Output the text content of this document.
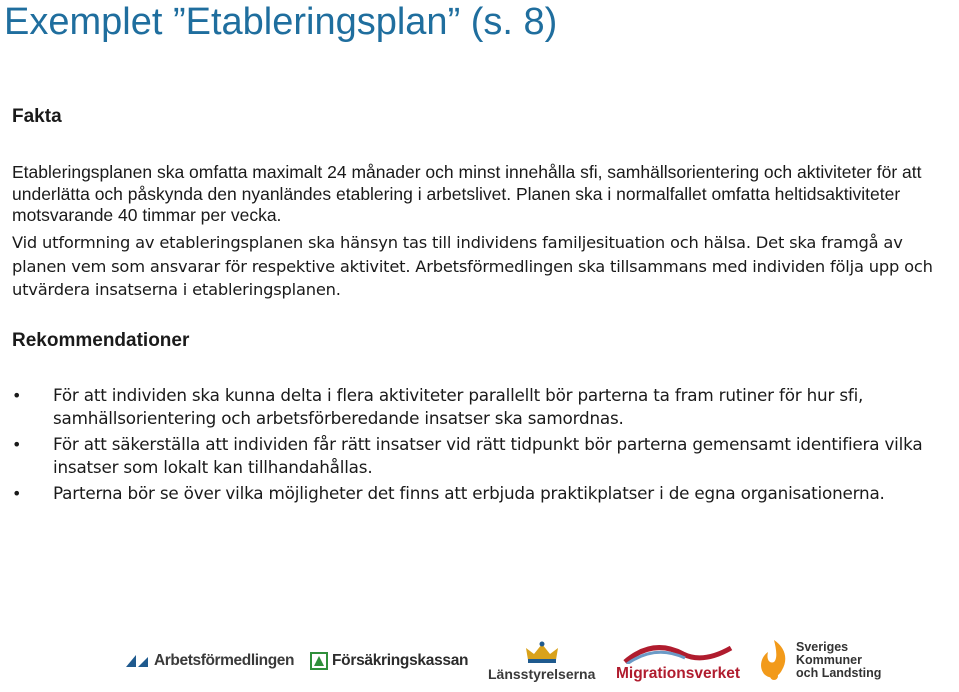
Exemplet ”Etableringsplan” (s. 8)
Fakta

Etableringsplanen ska omfatta maximalt 24 månader och minst innehålla sfi, samhällsorientering och aktiviteter för att underlätta och påskynda den nyanländes etablering i arbetslivet. Planen ska i normalfallet omfatta heltidsaktiviteter motsvarande 40 timmar per vecka.

Vid utformning av etableringsplanen ska hänsyn tas till individens familjesituation och hälsa. Det ska framgå av planen vem som ansvarar för respektive aktivitet. Arbetsförmedlingen ska tillsammans med individen följa upp och utvärdera insatserna i etableringsplanen.

Rekommendationer
• För att individen ska kunna delta i flera aktiviteter parallellt bör parterna ta fram rutiner för hur sfi, samhällsorientering och arbetsförberedande insatser ska samordnas.
• För att säkerställa att individen får rätt insatser vid rätt tidpunkt bör parterna gemensamt identifiera vilka insatser som lokalt kan tillhandahållas.
• Parterna bör se över vilka möjligheter det finns att erbjuda praktikplatser i de egna organisationerna.
Arbetsförmedlingen Försäkringskassan
Länsstyrelserna Migrationsverket
Sveriges
Kommuner
och Landsting
